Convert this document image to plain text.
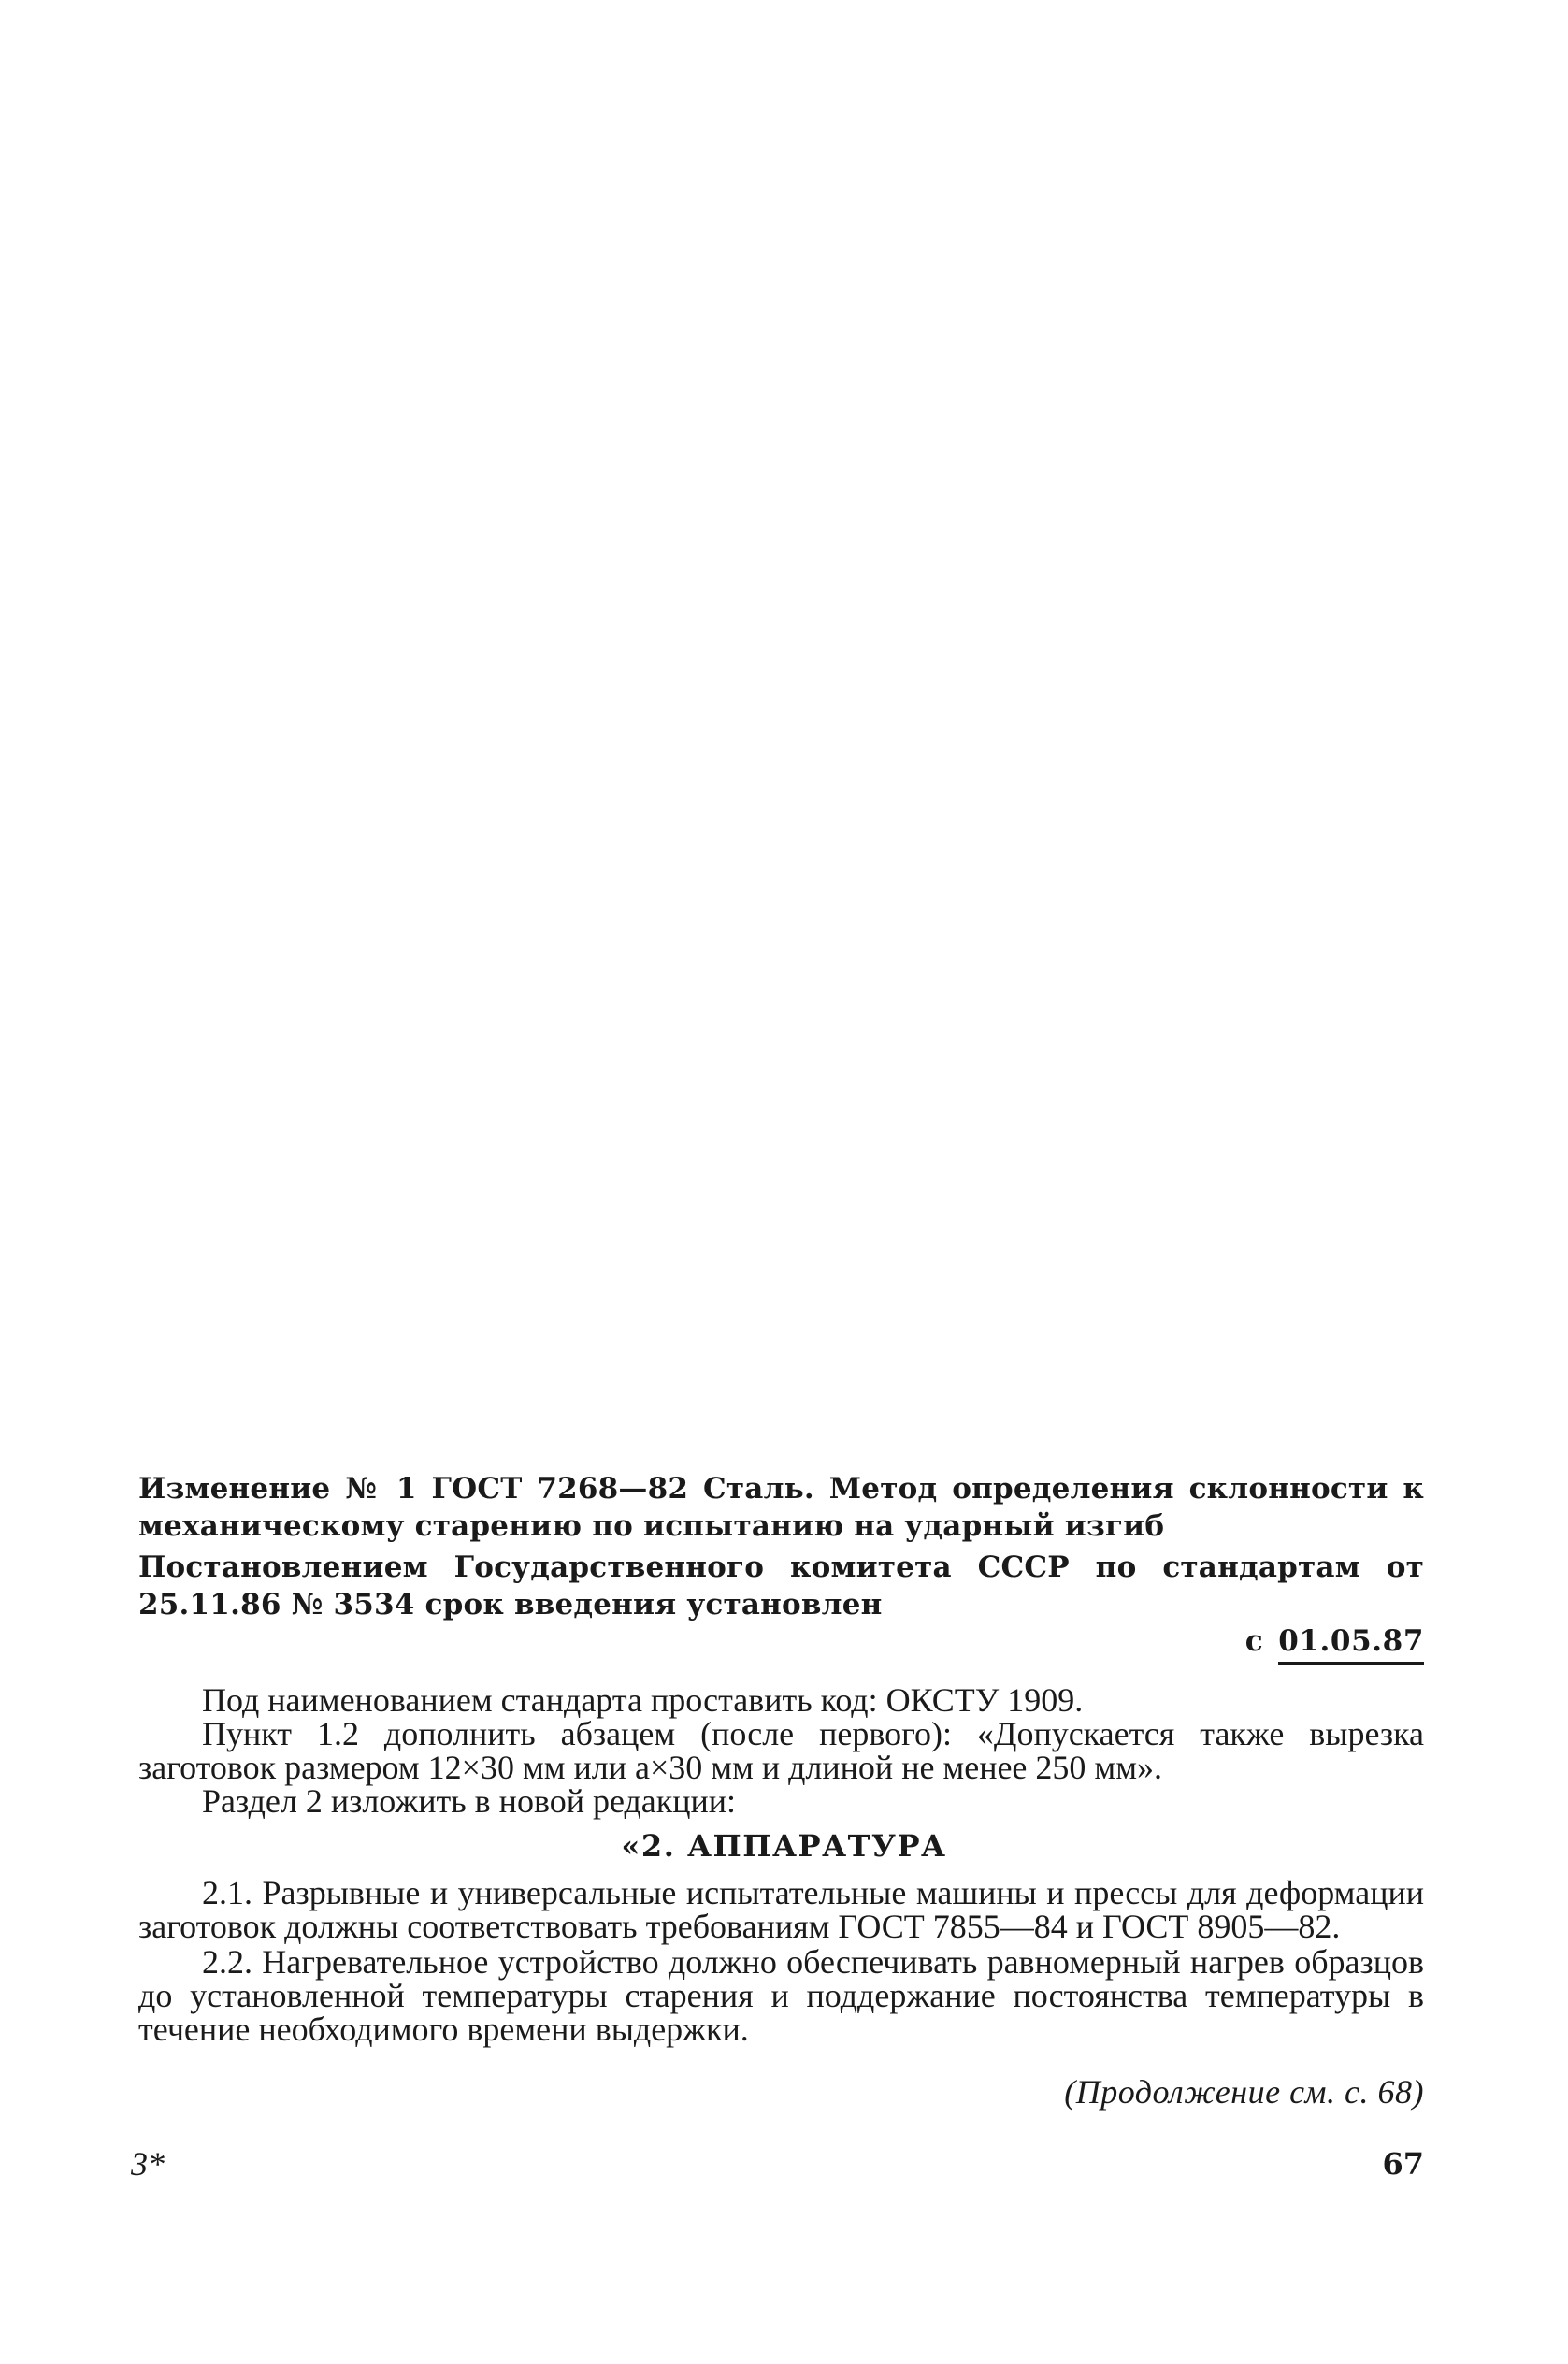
Изменение № 1 ГОСТ 7268—82 Сталь. Метод определения склонности к механическому старению по испытанию на ударный изгиб
Постановлением Государственного комитета СССР по стандартам от 25.11.86 № 3534 срок введения установлен
с 01.05.87

Под наименованием стандарта проставить код: ОКСТУ 1909.

Пункт 1.2 дополнить абзацем (после первого): «Допускается также вырезка заготовок размером 12×30 мм или a×30 мм и длиной не менее 250 мм».

Раздел 2 изложить в новой редакции:

«2. АППАРАТУРА

2.1. Разрывные и универсальные испытательные машины и прессы для деформации заготовок должны соответствовать требованиям ГОСТ 7855—84 и ГОСТ 8905—82.

2.2. Нагревательное устройство должно обеспечивать равномерный нагрев образцов до установленной температуры старения и поддержание постоянства температуры в течение необходимого времени выдержки.

(Продолжение см. с. 68)
3*	67
